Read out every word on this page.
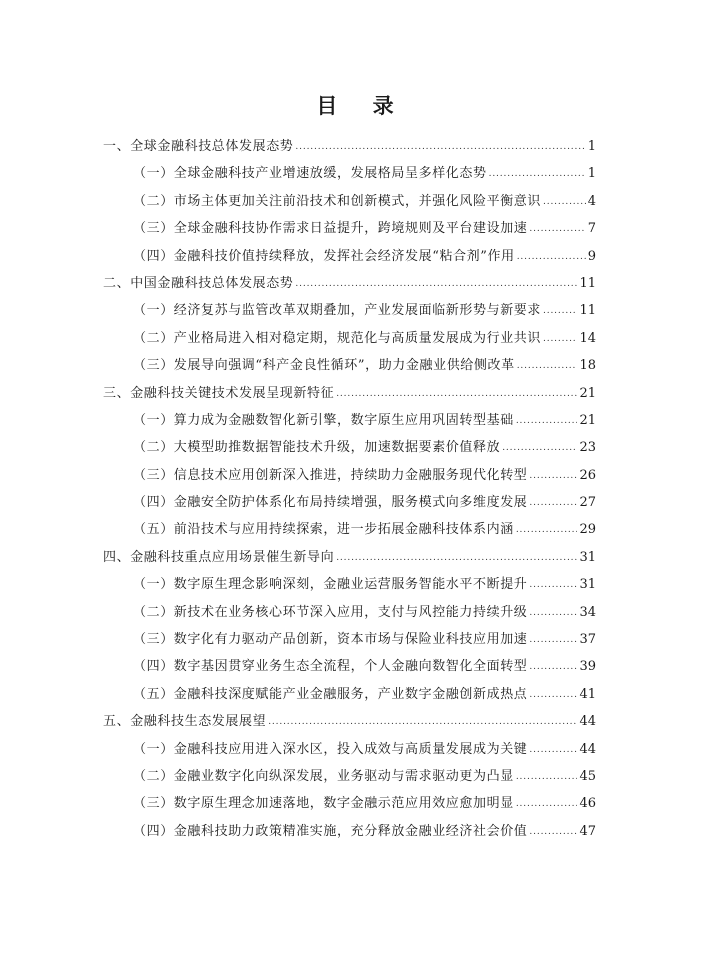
目 录
一、全球金融科技总体发展态势 . . .	1
（一）全球金融科技产业增速放缓，发展格局呈多样化态势 . . .	1
（二）市场主体更加关注前沿技术和创新模式，并强化风险平衡意识 . . .	4
（三）全球金融科技协作需求日益提升，跨境规则及平台建设加速 . . .	7
（四）金融科技价值持续释放，发挥社会经济发展“粘合剂”作用 . . .	9
二、中国金融科技总体发展态势 . . .	11
（一）经济复苏与监管改革双期叠加，产业发展面临新形势与新要求 . . .	11
（二）产业格局进入相对稳定期，规范化与高质量发展成为行业共识 . . .	14
（三）发展导向强调“科产金良性循环”，助力金融业供给侧改革 . . .	18
三、金融科技关键技术发展呈现新特征 . . .	21
（一）算力成为金融数智化新引擎，数字原生应用巩固转型基础 . . .	21
（二）大模型助推数据智能技术升级，加速数据要素价值释放 . . .	23
（三）信息技术应用创新深入推进，持续助力金融服务现代化转型 . . .	26
（四）金融安全防护体系化布局持续增强，服务模式向多维度发展 . . .	27
（五）前沿技术与应用持续探索，进一步拓展金融科技体系内涵 . . .	29
四、金融科技重点应用场景催生新导向 . . .	31
（一）数字原生理念影响深刻，金融业运营服务智能水平不断提升 . . .	31
（二）新技术在业务核心环节深入应用，支付与风控能力持续升级 . . .	34
（三）数字化有力驱动产品创新，资本市场与保险业科技应用加速 . . .	37
（四）数字基因贯穿业务生态全流程，个人金融向数智化全面转型 . . .	39
（五）金融科技深度赋能产业金融服务，产业数字金融创新成热点 . . .	41
五、金融科技生态发展展望 . . .	44
（一）金融科技应用进入深水区，投入成效与高质量发展成为关键 . . .	44
（二）金融业数字化向纵深发展，业务驱动与需求驱动更为凸显 . . .	45
（三）数字原生理念加速落地，数字金融示范应用效应愈加明显 . . .	46
（四）金融科技助力政策精准实施，充分释放金融业经济社会价值 . . .	47
